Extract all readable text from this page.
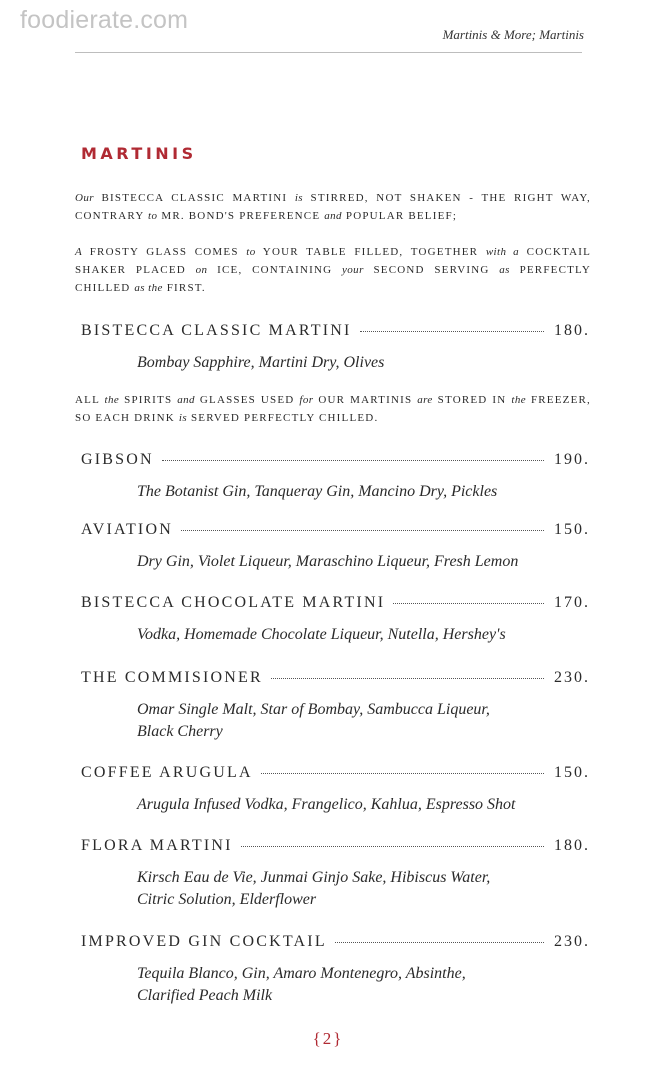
foodierate.com
Martinis & More; Martinis
MARTINIS

Our BISTECCA CLASSIC MARTINI is STIRRED, NOT SHAKEN - THE RIGHT WAY, CONTRARY to MR. BOND'S PREFERENCE and POPULAR BELIEF;

A FROSTY GLASS COMES to YOUR TABLE FILLED, TOGETHER with a COCKTAIL SHAKER PLACED on ICE, CONTAINING your SECOND SERVING as PERFECTLY CHILLED as the FIRST.

BISTECCA CLASSIC MARTINI	180.
Bombay Sapphire, Martini Dry, Olives

ALL the SPIRITS and GLASSES USED for OUR MARTINIS are STORED IN the FREEZER, SO EACH DRINK is SERVED PERFECTLY CHILLED.

GIBSON	190.
The Botanist Gin, Tanqueray Gin, Mancino Dry, Pickles
AVIATION	150.
Dry Gin, Violet Liqueur, Maraschino Liqueur, Fresh Lemon
BISTECCA CHOCOLATE MARTINI	170.
Vodka, Homemade Chocolate Liqueur, Nutella, Hershey's
THE COMMISIONER	230.
Omar Single Malt, Star of Bombay, Sambucca Liqueur,
Black Cherry
COFFEE ARUGULA	150.
Arugula Infused Vodka, Frangelico, Kahlua, Espresso Shot
FLORA MARTINI	180.
Kirsch Eau de Vie, Junmai Ginjo Sake, Hibiscus Water,
Citric Solution, Elderflower
IMPROVED GIN COCKTAIL	230.
Tequila Blanco, Gin, Amaro Montenegro, Absinthe,
Clarified Peach Milk
{2}
